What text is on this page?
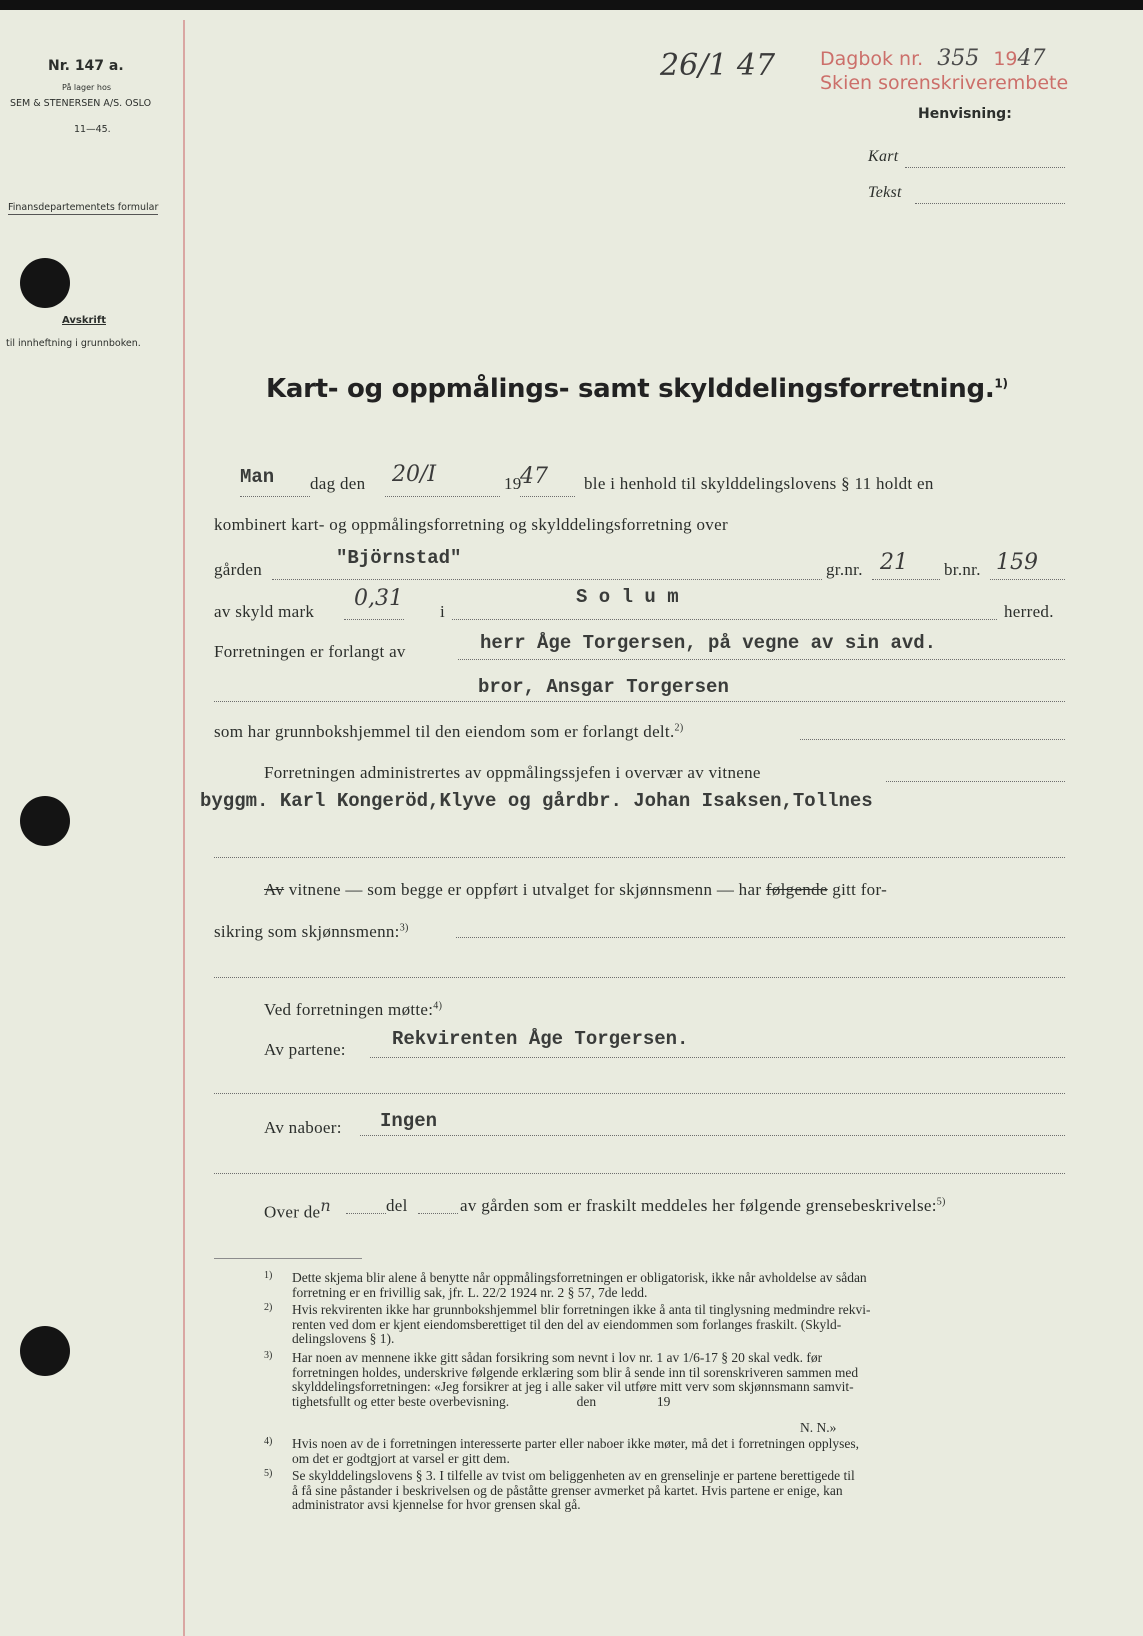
Nr. 147 a.
På lager hos
SEM & STENERSEN A/S. OSLO
11—45.
Finansdepartementets formular
Avskrift
til innheftning i grunnboken.
26/1 47 Dagbok nr. 355 1947
Skien sorenskriverembete
Henvisning:
Kart
Tekst
Kart- og oppmålings- samt skylddelingsforretning.$^{1)}$
Man dag den 20/I	19
47 ble i henhold til skylddelingslovens § 11 holdt en
kombinert kart- og oppmålingsforretning og skylddelingsforretning over
gården
"Björnstad"
gr.nr. 21 br.nr. 159
av skyld mark
0,31
i
S o l u m
herred.
Forretningen er forlangt av	herr Åge Torgersen, på vegne av sin avd.
bror, Ansgar Torgersen
som har grunnbokshjemmel til den eiendom som er forlangt delt.$^{2)}$
Forretningen administrertes av oppmålingssjefen i overvær av vitnene
byggm. Karl Kongeröd,Klyve og gårdbr. Johan Isaksen,Tollnes
Av vitnene — som begge er oppført i utvalget for skjønnsmenn — har følgende gitt for-
sikring som skjønnsmenn:$^{3)}$
Ved forretningen møtte:$^{4)}$
Av partene: Rekvirenten Åge Torgersen.
Av naboer: Ingen
Over den	del	av gården som er fraskilt meddeles her følgende grensebeskrivelse:$^{5)}$
1) Dette skjema blir alene å benytte når oppmålingsforretningen er obligatorisk, ikke når avholdelse av sådan
forretning er en frivillig sak, jfr. L. 22/2 1924 nr. 2 § 57, 7de ledd.
2) Hvis rekvirenten ikke har grunnbokshjemmel blir forretningen ikke å anta til tinglysning medmindre rekvi-
renten ved dom er kjent eiendomsberettiget til den del av eiendommen som forlanges fraskilt. (Skyld-
delingslovens § 1).
3) Har noen av mennene ikke gitt sådan forsikring som nevnt i lov nr. 1 av 1/6-17 § 20 skal vedk. før
forretningen holdes, underskrive følgende erklæring som blir å sende inn til sorenskriveren sammen med
skylddelingsforretningen: «Jeg forsikrer at jeg i alle saker vil utføre mitt verv som skjønnsmann samvit-
tighetsfullt og etter beste overbevisning.                    den                  19
N. N.»
4) Hvis noen av de i forretningen interesserte parter eller naboer ikke møter, må det i forretningen opplyses,
om det er godtgjort at varsel er gitt dem.
5) Se skylddelingslovens § 3. I tilfelle av tvist om beliggenheten av en grenselinje er partene berettigede til
å få sine påstander i beskrivelsen og de påståtte grenser avmerket på kartet. Hvis partene er enige, kan
administrator avsi kjennelse for hvor grensen skal gå.
